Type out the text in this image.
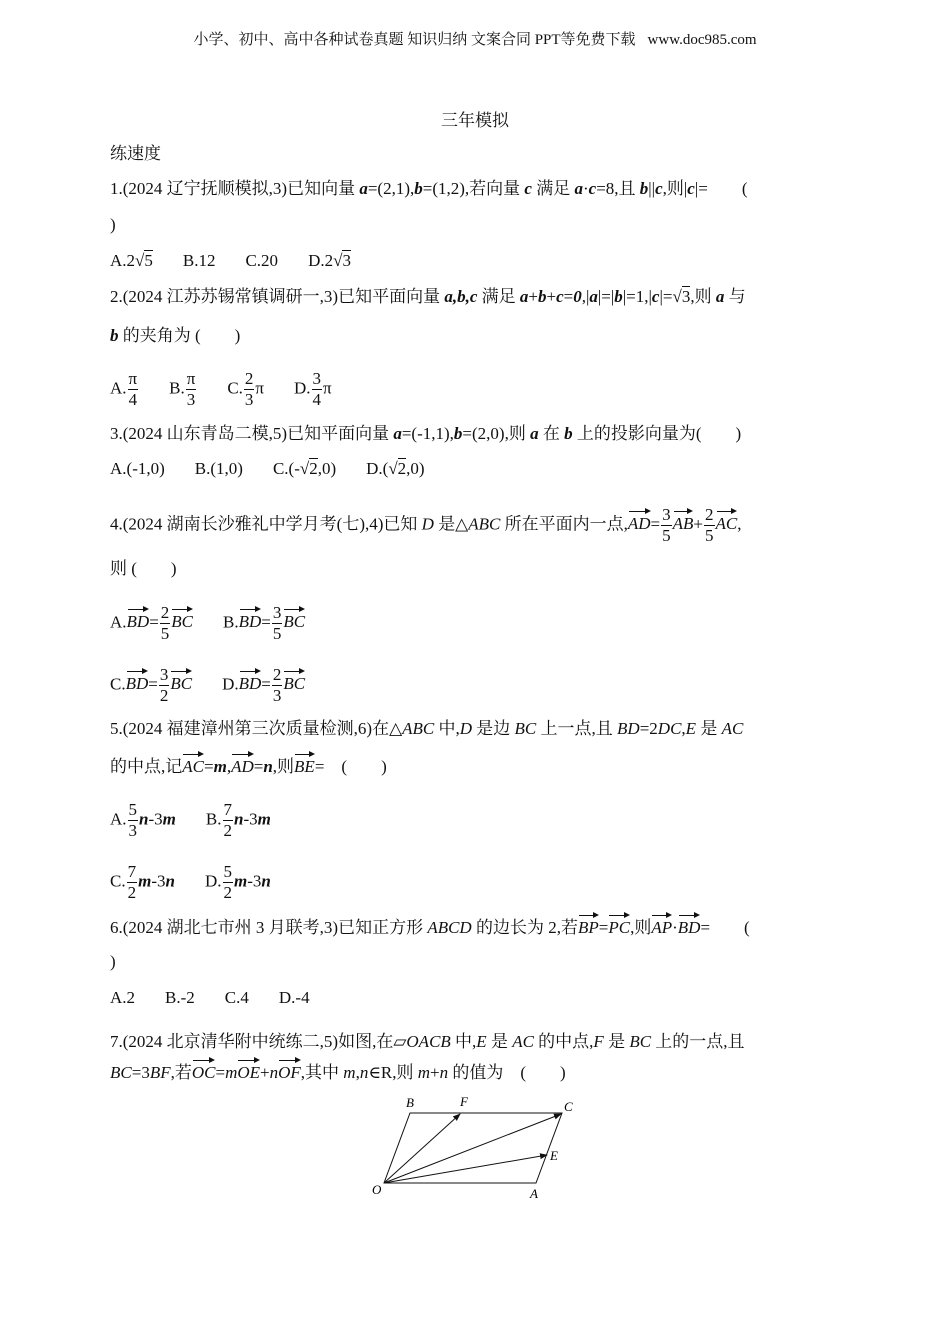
小学、初中、高中各种试卷真题 知识归纳 文案合同 PPT等免费下载 www.doc985.com
三年模拟
练速度
1.(2024 辽宁抚顺模拟,3)已知向量 a=(2,1),b=(1,2),若向量 c 满足 a·c=8,且 b||c,则|c|=　　(
)
A.2√5 B.12 C.20 D.2√3
2.(2024 江苏苏锡常镇调研一,3)已知平面向量 a,b,c 满足 a+b+c=0,|a|=|b|=1,|c|=√3,则 a 与
b 的夹角为 (　　)
A. $\frac{\pi}{4} B$. $\frac{\pi}{3} C$. $\frac{2}{3}$ π D. $\frac{3}{4}$ π
3.(2024 山东青岛二模,5)已知平面向量 a=(-1,1),b=(2,0),则 a 在 b 上的投影向量为(　　)
A.(-1,0) B.(1,0) C.(-√2,0) D.(√2,0)
4.(2024 湖南长沙雅礼中学月考(七),4)已知 D 是△ABC 所在平面内一点$,AD= \frac{3}{5} AB+ \frac{2}{5}$ AC,
则 (　　)
$A.BD= \frac{2}{5}$ BC $B.BD= \frac{3}{5}$ BC
$C.BD= \frac{3}{2}$ BC $D.BD= \frac{2}{3}$ BC
5.(2024 福建漳州第三次质量检测,6)在△ABC 中,D 是边 BC 上一点,且 BD=2DC,E 是 AC
的中点,记AC=m,AD=n,则BE=　(　　)
A. $\frac{5}{3} n-3m$ B. $\frac{7}{2} n-3m$
C. $\frac{7}{2} m-3n$ D. $\frac{5}{2} m-3n$
6.(2024 湖北七市州 3 月联考,3)已知正方形 ABCD 的边长为 2,若BP=PC,则AP·BD=　　(
)
A.2 B.-2 C.4 D.-4
7.(2024 北京清华附中统练二,5)如图,在▱OACB 中,E 是 AC 的中点,F 是 BC 上的一点,且
BC=3BF,若OC=mOE+nOF,其中 m,n∈R,则 m+n 的值为　(　　)
O	A
B	F	C
E
